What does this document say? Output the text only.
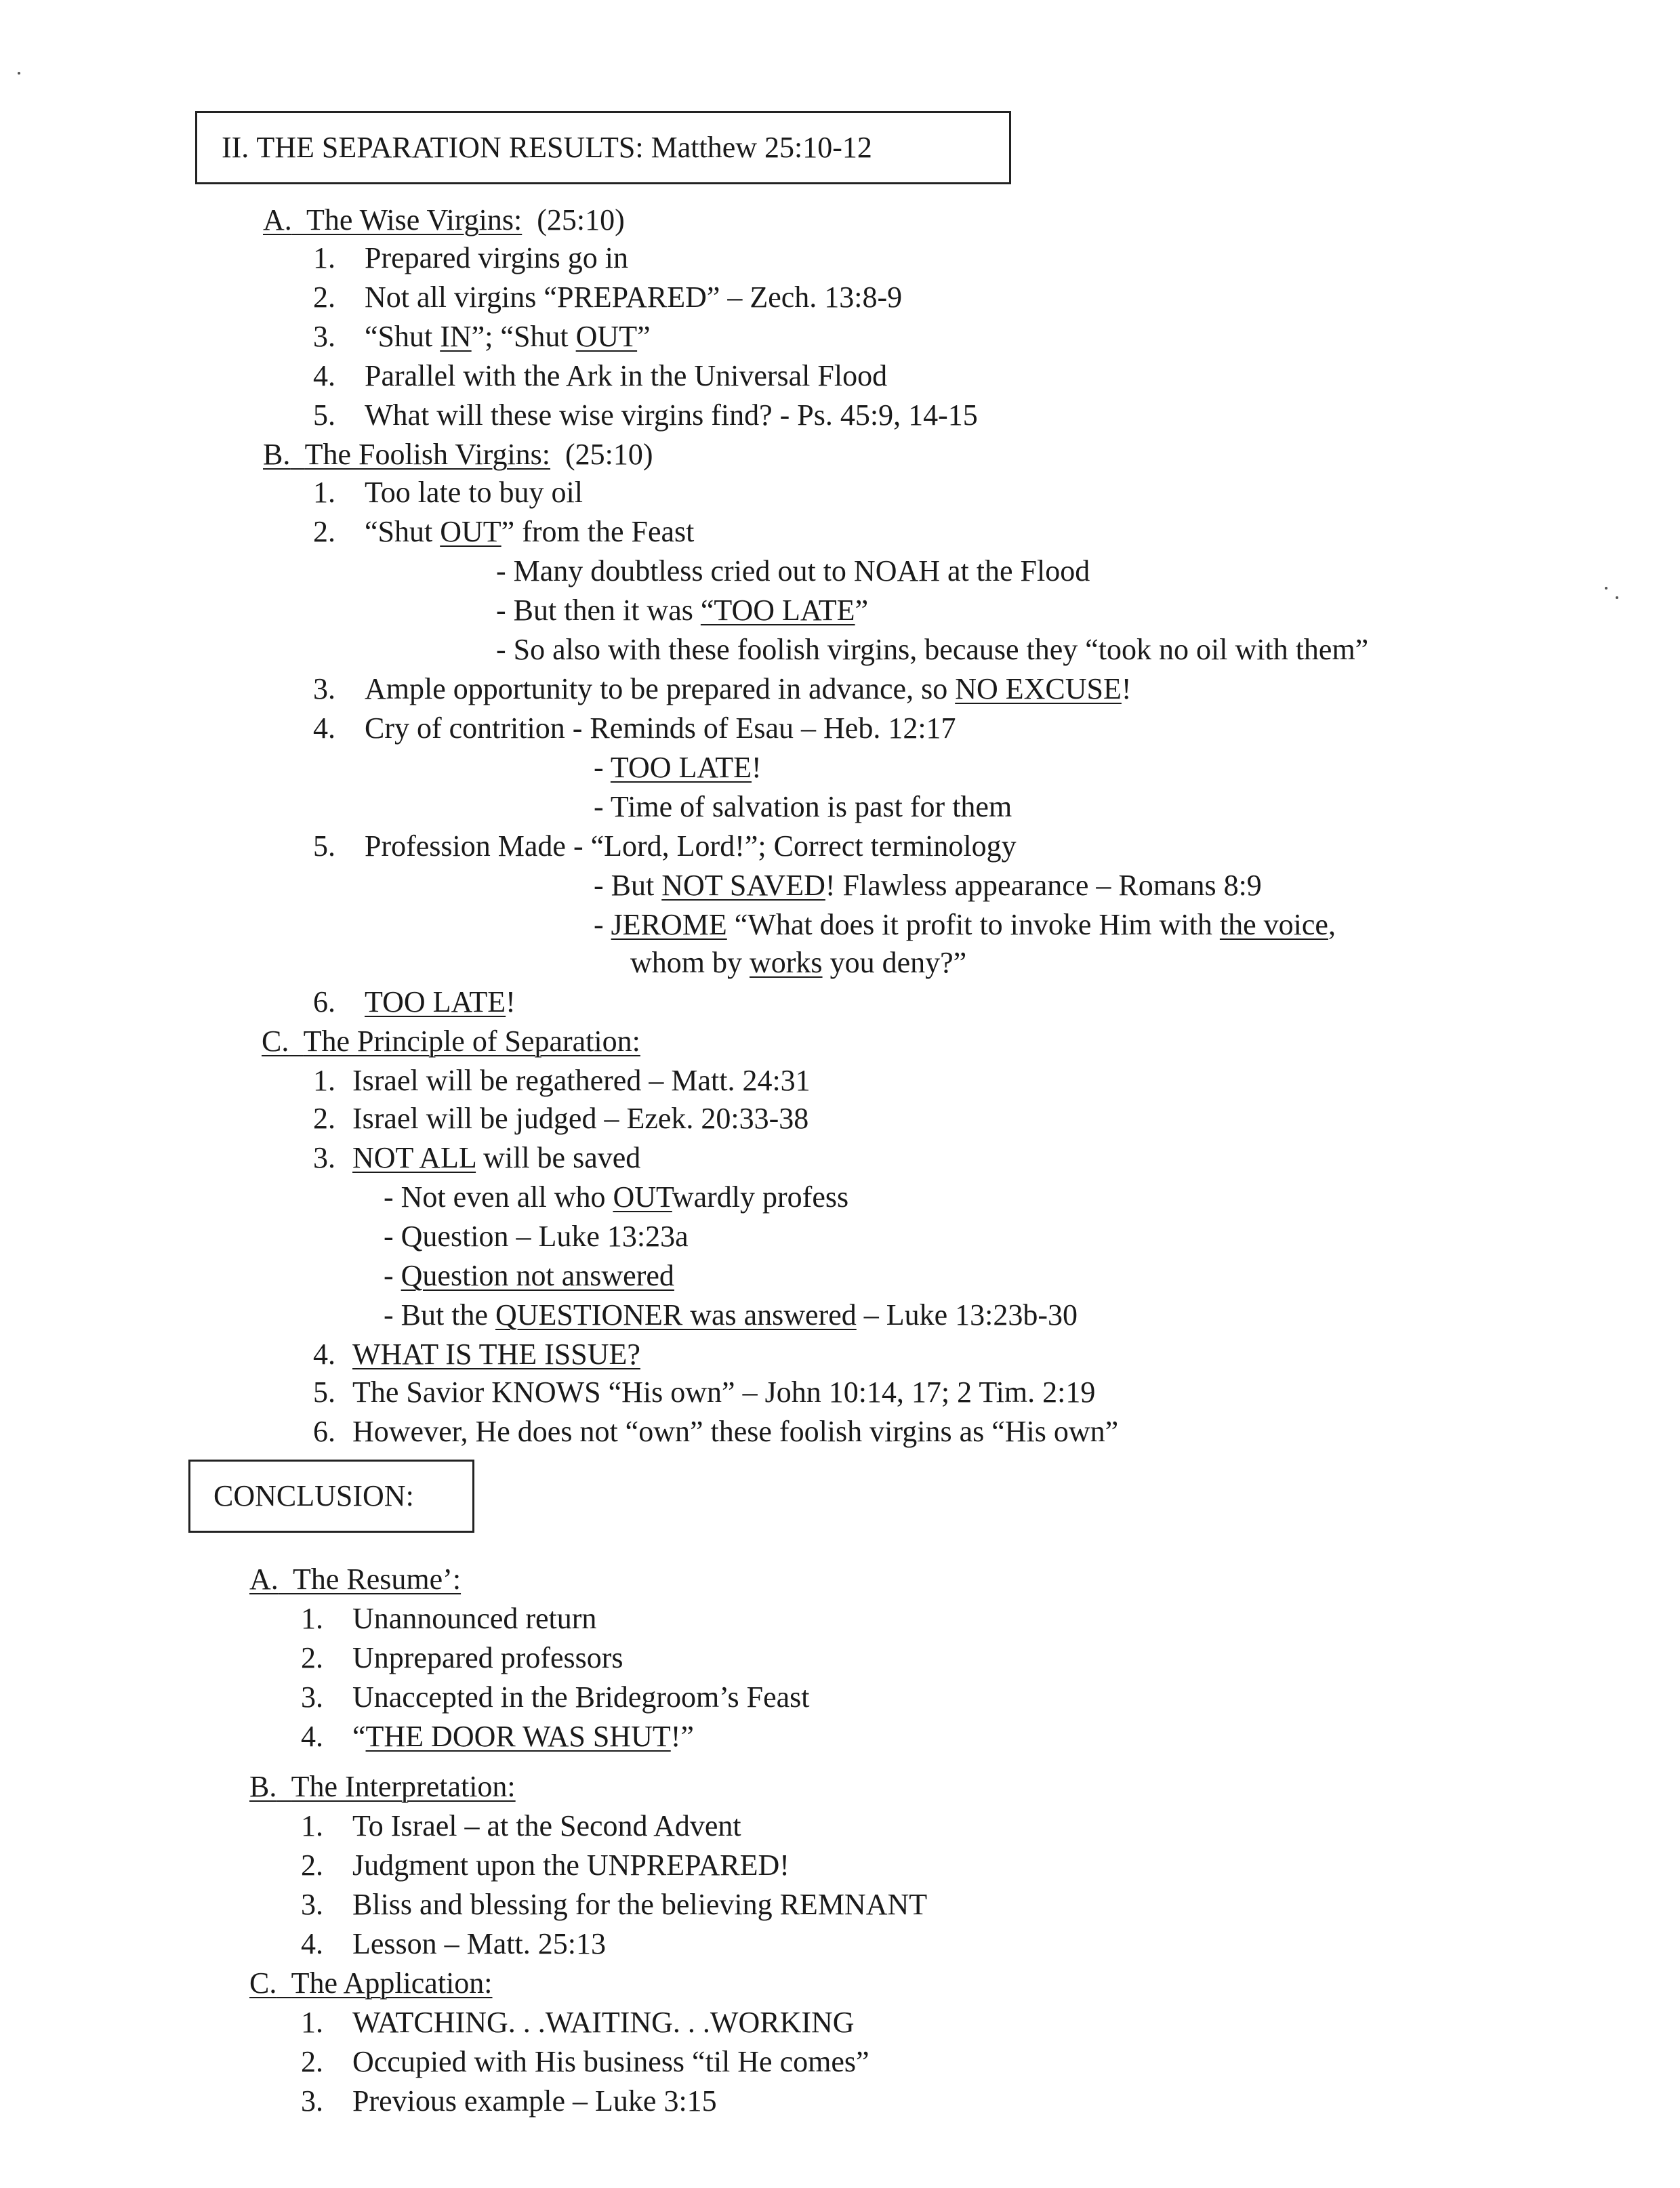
II.
THE SEPARATION RESULTS:
Matthew 25:10-12
A. The Wise Virgins: (25:10)
1. Prepared virgins go in
2. Not all virgins “PREPARED” – Zech. 13:8-9
3. “Shut IN”; “Shut OUT”
4. Parallel with the Ark in the Universal Flood
5. What will these wise virgins find? - Ps. 45:9, 14-15
B. The Foolish Virgins: (25:10)
1. Too late to buy oil
2. “Shut OUT” from the Feast
- Many doubtless cried out to NOAH at the Flood
- But then it was “TOO LATE”
- So also with these foolish virgins, because they “took no oil with them”
3. Ample opportunity to be prepared in advance, so NO EXCUSE!
4. Cry of contrition - Reminds of Esau – Heb. 12:17
- TOO LATE!
- Time of salvation is past for them
5. Profession Made - “Lord, Lord!”; Correct terminology
- But NOT SAVED! Flawless appearance – Romans 8:9
- JEROME “What does it profit to invoke Him with the voice,
whom by works you deny?”
6. TOO LATE!
C. The Principle of Separation:
1. Israel will be regathered – Matt. 24:31
2. Israel will be judged – Ezek. 20:33-38
3. NOT ALL will be saved
- Not even all who OUTwardly profess
- Question – Luke 13:23a
- Question not answered
- But the QUESTIONER was answered – Luke 13:23b-30
4. WHAT IS THE ISSUE?
5. The Savior KNOWS “His own” – John 10:14, 17; 2 Tim. 2:19
6. However, He does not “own” these foolish virgins as “His own”
CONCLUSION:
A. The Resume’:
1. Unannounced return
2. Unprepared professors
3. Unaccepted in the Bridegroom’s Feast
4. “THE DOOR WAS SHUT!”
B. The Interpretation:
1. To Israel – at the Second Advent
2. Judgment upon the UNPREPARED!
3. Bliss and blessing for the believing REMNANT
4. Lesson – Matt. 25:13
C. The Application:
1. WATCHING. . .WAITING. . .WORKING
2. Occupied with His business “til He comes”
3. Previous example – Luke 3:15
